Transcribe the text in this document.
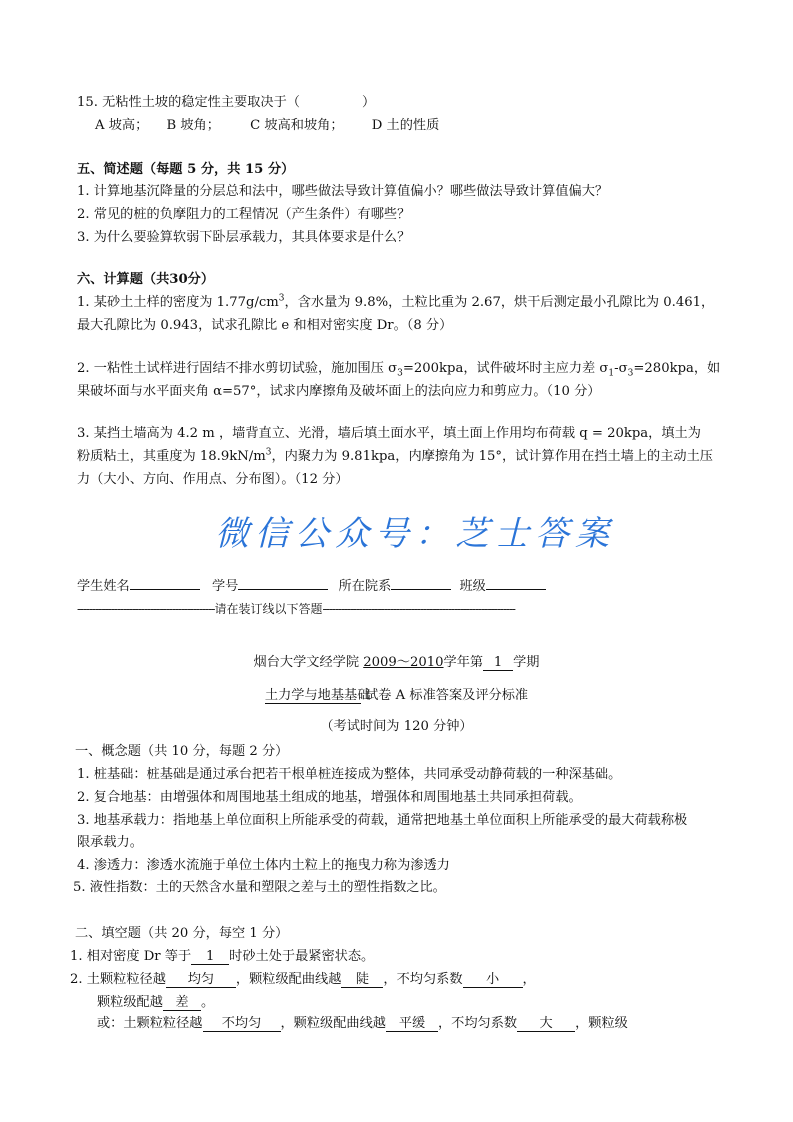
15. 无粘性土坡的稳定性主要取决于（	）
A 坡高； B 坡角； C 坡高和坡角； D 土的性质
五、简述题（每题 5 分，共 15 分）
1. 计算地基沉降量的分层总和法中，哪些做法导致计算值偏小？哪些做法导致计算值偏大？
2. 常见的桩的负摩阻力的工程情况（产生条件）有哪些？
3. 为什么要验算软弱下卧层承载力，其具体要求是什么？
六、计算题（共30分）
1. 某砂土土样的密度为 $1.77g/cm^3$，含水量为 9.8%，土粒比重为 2.67，烘干后测定最小孔隙比为 0.461，
最大孔隙比为 0.943，试求孔隙比 e 和相对密实度 Dr。（8 分）
2. 一粘性土试样进行固结不排水剪切试验，施加围压 $\sigma_3=200kpa$，试件破坏时主应力差 $\sigma_1-\sigma_3=280kpa$，如
果破坏面与水平面夹角 α=57°，试求内摩擦角及破坏面上的法向应力和剪应力。（10 分）
3. 某挡土墙高为 4.2 m ，墙背直立、光滑，墙后填土面水平，填土面上作用均布荷载 q = 20kpa，填土为
粉质粘土，其重度为 $18.9kN/m^3$，内聚力为 9.81kpa，内摩擦角为 15°，试计算作用在挡土墙上的主动土压
力（大小、方向、作用点、分布图）。（12 分）
微信公众号：芝士答案
学生姓名	学号	所在院系	班级
---------------------------------------------请在装订线以下答题---------------------------------------------------------------
烟台大学文经学院 2009～2010学年第 1 学期
土力学与地基基础 试卷 A 标准答案及评分标准
（考试时间为 120 分钟）
一、概念题（共 10 分，每题 2 分）
1. 桩基础：桩基础是通过承台把若干根单桩连接成为整体，共同承受动静荷载的一种深基础。
2. 复合地基：由增强体和周围地基土组成的地基，增强体和周围地基土共同承担荷载。
3. 地基承载力：指地基上单位面积上所能承受的荷载，通常把地基土单位面积上所能承受的最大荷载称极
限承载力。
4. 渗透力：渗透水流施于单位土体内土粒上的拖曳力称为渗透力
5. 液性指数：土的天然含水量和塑限之差与土的塑性指数之比。
二、填空题（共 20 分，每空 1 分）
1. 相对密度 Dr 等于 1 时砂土处于最紧密状态。
2. 土颗粒粒径越 均匀 ，颗粒级配曲线越 陡 ，不均匀系数 小 ，
颗粒级配越 差 。
或：土颗粒粒径越 不均匀 ，颗粒级配曲线越 平缓 ，不均匀系数 大 ，颗粒级
